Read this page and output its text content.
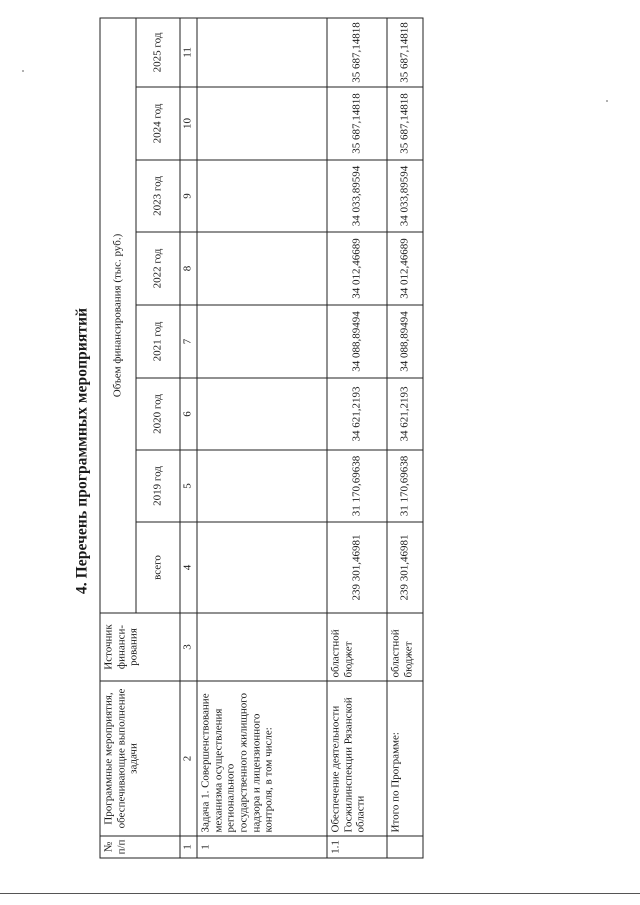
4. Перечень программных мероприятий
№ п/п	Программные мероприятия, обеспечивающие выполнение задачи	Источник финанси-рования	Объем финансирования (тыс. руб.)							
			всего	2019 год	2020 год	2021 год	2022 год	2023 год	2024 год	2025 год
1	2	3	4	5	6	7	8	9	10	11
1	Задача 1. Совершенствование механизма осуществления регионального государственного жилищного надзора и лицензионного контроля, в том числе:									
1.1	Обеспечение деятельности Госжилинспекции Рязанской области	областной бюджет	239 301,46981	31 170,69638	34 621,2193	34 088,89494	34 012,46689	34 033,89594	35 687,14818	35 687,14818
	Итого по Программе:	областной бюджет	239 301,46981	31 170,69638	34 621,2193	34 088,89494	34 012,46689	34 033,89594	35 687,14818	35 687,14818
